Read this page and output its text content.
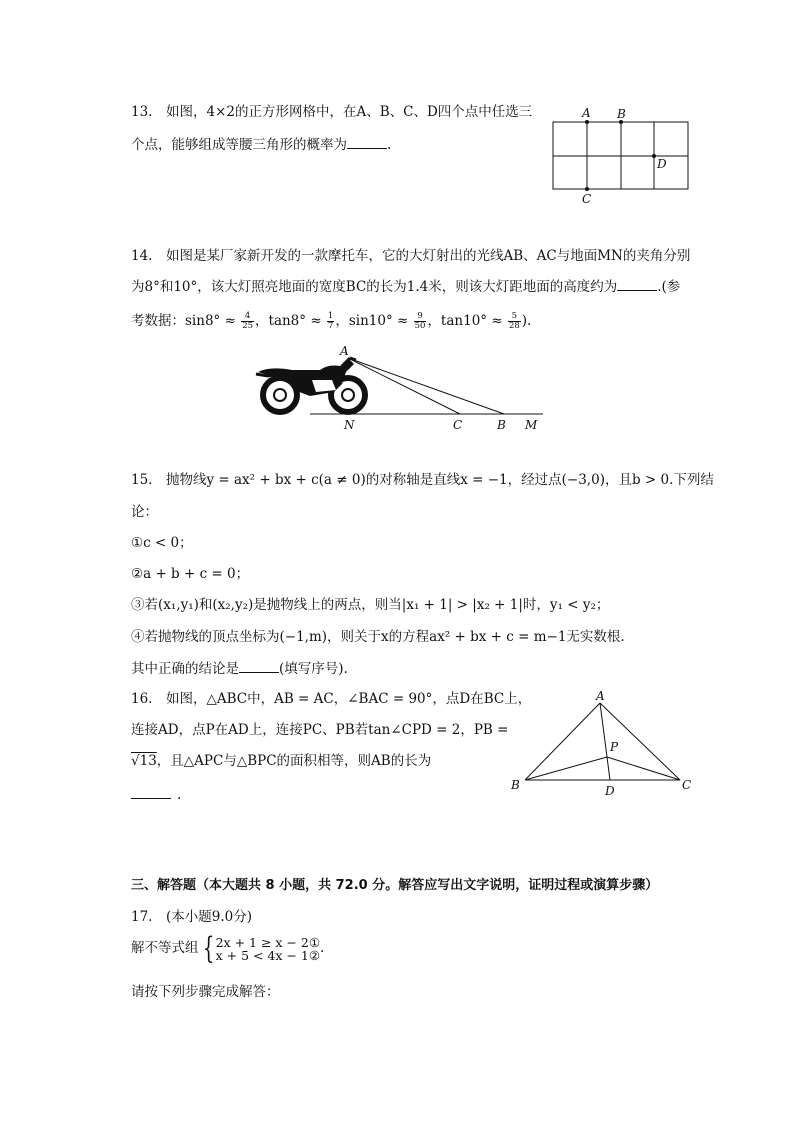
13.　如图，4×2的正方形网格中，在A、B、C、D四个点中任选三
个点，能够组成等腰三角形的概率为	.
A B
C
D
14.　如图是某厂家新开发的一款摩托车，它的大灯射出的光线AB、AC与地面MN的夹角分别
为8°和10°，该大灯照亮地面的宽度BC的长为1.4米，则该大灯距地面的高度约为	.(参
考数据：$\sin 8^\circ \approx \frac{4}{25}$ ，$\tan 8^\circ \approx \frac{1}{7}$ ，$\sin 10^\circ \approx \frac{9}{50}$ ，$\tan 10^\circ \approx \frac{5}{28}$ ).
A
N	C	B M
15.　抛物线y = ax² + bx + c(a ≠ 0)的对称轴是直线x = −1，经过点(−3,0)，且b > 0.下列结
论：
①c < 0；
②a + b + c = 0；
③若(x₁,y₁)和(x₂,y₂)是抛物线上的两点，则当|x₁ + 1| > |x₂ + 1|时，y₁ < y₂；
④若抛物线的顶点坐标为(−1,m)，则关于x的方程ax² + bx + c = m−1无实数根.
其中正确的结论是	(填写序号).
16.　如图，△ABC中，AB = AC，∠BAC = 90°，点D在BC上，
连接AD，点P在AD上，连接PC、PB若tan∠CPD = 2，PB =
√13，且△APC与△BPC的面积相等，则AB的长为
.
A
P
B	D	C
三、解答题（本大题共 8 小题，共 72.0 分。解答应写出文字说明，证明过程或演算步骤）
17.　(本小题9.0分)
解不等式组 { 2x + 1 ≥ x − 2①
x + 5 < 4x − 1② .
请按下列步骤完成解答：
